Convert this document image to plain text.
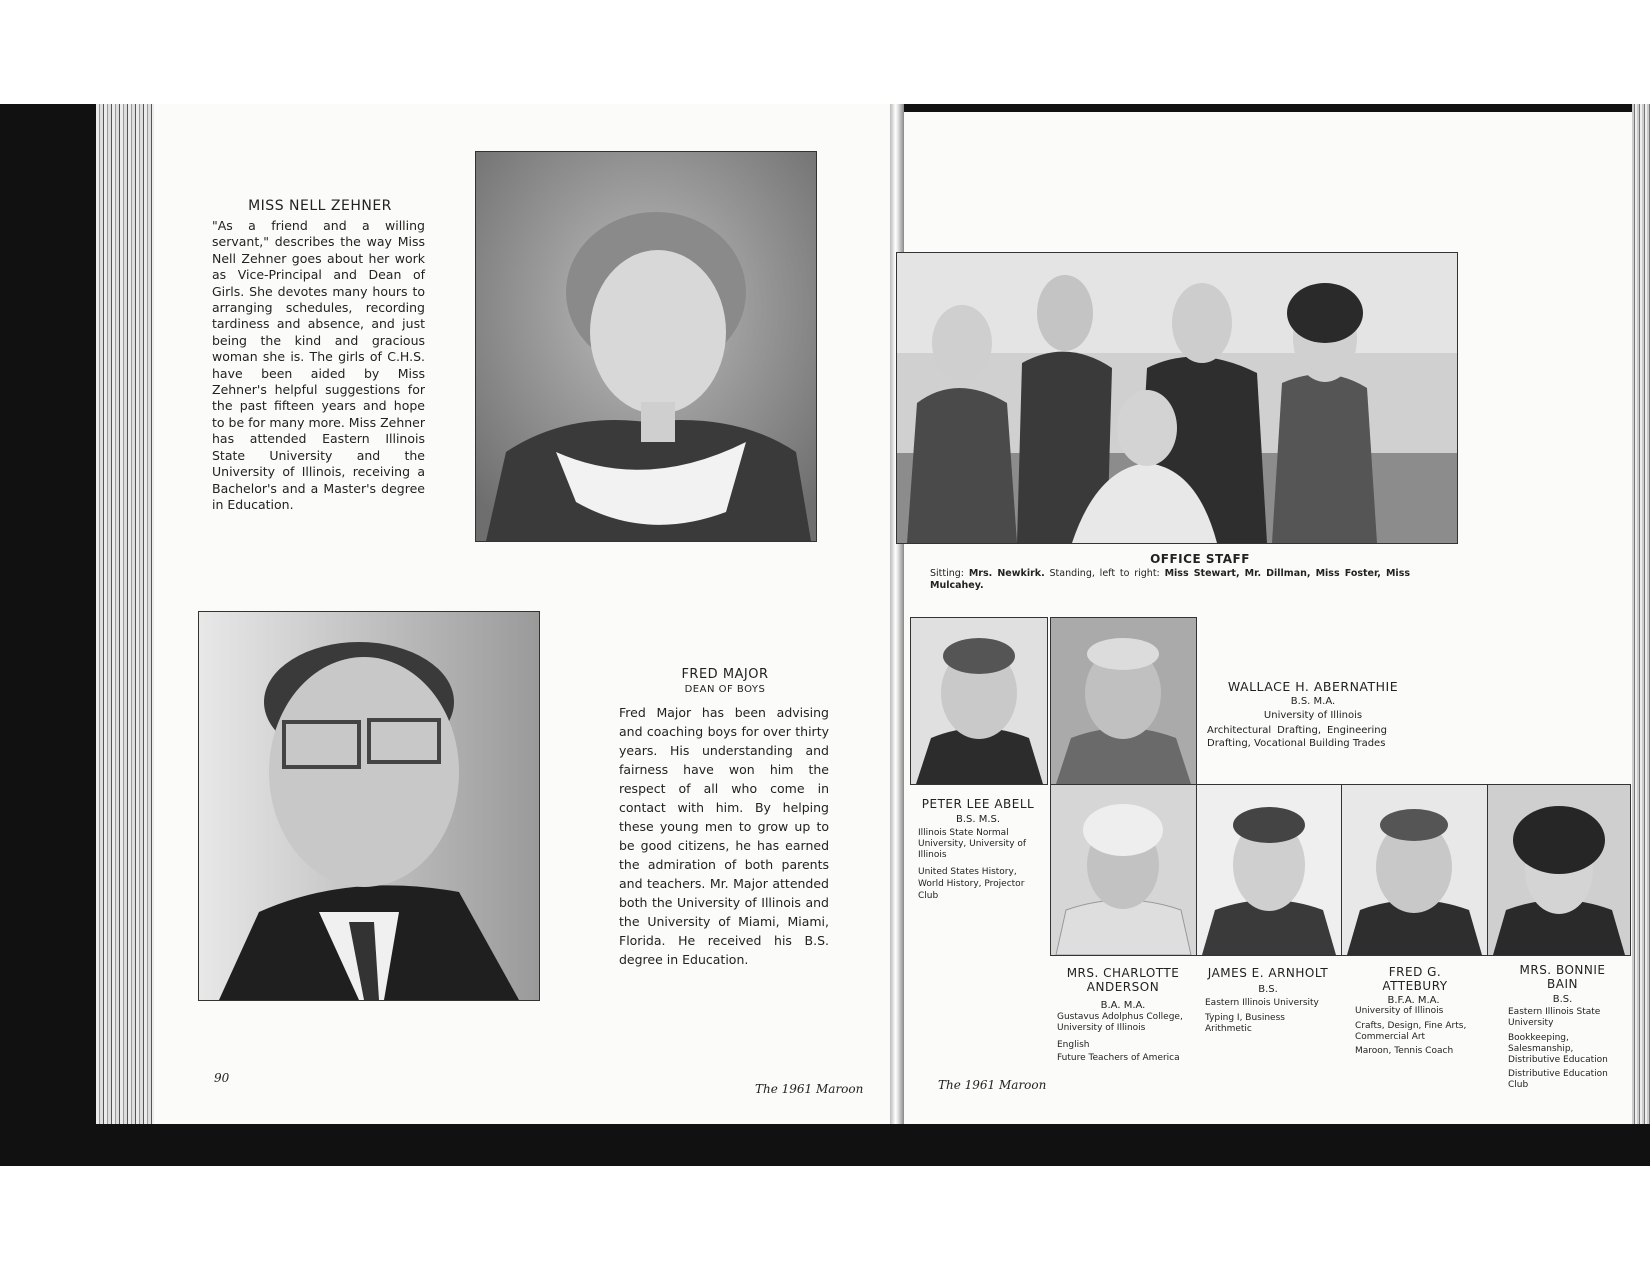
MISS NELL ZEHNER
"As a friend and a willing servant," describes the way Miss Nell Zehner goes about her work as Vice-Principal and Dean of Girls. She devotes many hours to arranging schedules, recording tardiness and absence, and just being the kind and gracious woman she is. The girls of C.H.S. have been aided by Miss Zehner's helpful suggestions for the past fifteen years and hope to be for many more. Miss Zehner has attended Eastern Illinois State University and the University of Illinois, receiving a Bachelor's and a Master's degree in Education.
FRED MAJOR
DEAN OF BOYS
Fred Major has been advising and coaching boys for over thirty years. His understanding and fairness have won him the respect of all who come in contact with him. By helping these young men to grow up to be good citizens, he has earned the admiration of both parents and teachers. Mr. Major attended both the University of Illinois and the University of Miami, Miami, Florida. He received his B.S. degree in Education.
90
The 1961 Maroon
OFFICE STAFF
Sitting: Mrs. Newkirk. Standing, left to right: Miss Stewart, Mr. Dillman, Miss Foster, Miss Mulcahey.
WALLACE H. ABERNATHIE
B.S. M.A.
University of Illinois
Architectural Drafting, Engineering Drafting, Vocational Building Trades
PETER LEE ABELL
B.S. M.S.
Illinois State Normal University, University of Illinois
United States History, World History, Projector Club
MRS. CHARLOTTE ANDERSON
B.A. M.A.
Gustavus Adolphus College, University of Illinois
English
Future Teachers of America
JAMES E. ARNHOLT
B.S.
Eastern Illinois University
Typing I, Business Arithmetic
FRED G. ATTEBURY
B.F.A. M.A.
University of Illinois
Crafts, Design, Fine Arts, Commercial Art
Maroon, Tennis Coach
MRS. BONNIE BAIN
B.S.
Eastern Illinois State University
Bookkeeping, Salesmanship, Distributive Education
Distributive Education Club
The 1961 Maroon
